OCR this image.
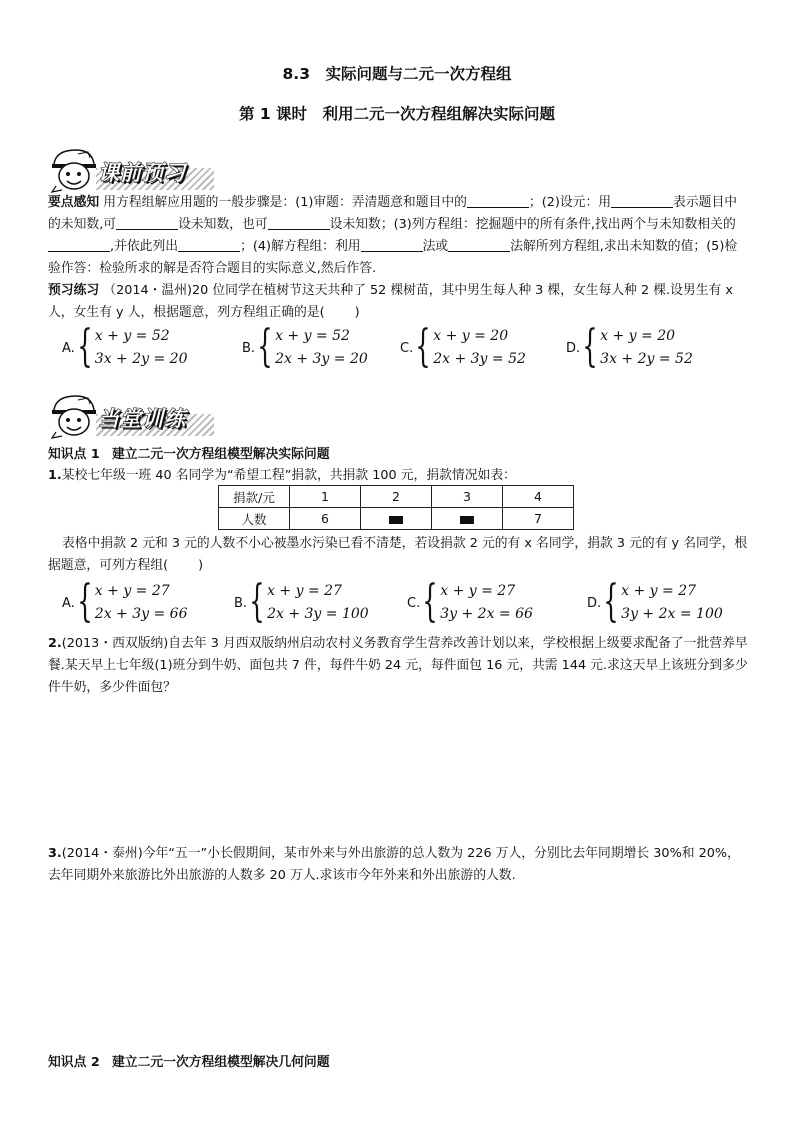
8.3　实际问题与二元一次方程组
第 1 课时　利用二元一次方程组解决实际问题
课前预习

要点感知 用方程组解应用题的一般步骤是：(1)审题：弄清题意和题目中的	；(2)设元：用	表示题目中的未知数,可	设未知数，也可	设未知数；(3)列方程组：挖掘题中的所有条件,找出两个与未知数相关的,并依此列出	；(4)解方程组：利用	法或	法解所列方程组,求出未知数的值；(5)检验作答：检验所求的解是否符合题目的实际意义,然后作答.

预习练习 （2014・温州)20 位同学在植树节这天共种了 52 棵树苗，其中男生每人种 3 棵，女生每人种 2 棵.设男生有 x 人，女生有 y 人，根据题意，列方程组正确的是( )

A. { x + y = 52
3x + 2y = 20
B. { x + y = 52
2x + 3y = 20
C. { x + y = 20
2x + 3y = 52
D. { x + y = 20
3x + 2y = 52
当堂训练
知识点 1 建立二元一次方程组模型解决实际问题
1.某校七年级一班 40 名同学为“希望工程”捐款，共捐款 100 元，捐款情况如表：
捐款/元	1	2	3	4
人数	6			7
表格中捐款 2 元和 3 元的人数不小心被墨水污染已看不清楚，若设捐款 2 元的有 x 名同学，捐款 3 元的有 y 名同学，根据题意，可列方程组( )
A. { x + y = 27
2x + 3y = 66
B. { x + y = 27
2x + 3y = 100
C. { x + y = 27
3y + 2x = 66
D. { x + y = 27
3y + 2x = 100
2.(2013・西双版纳)自去年 3 月西双版纳州启动农村义务教育学生营养改善计划以来，学校根据上级要求配备了一批营养早餐.某天早上七年级(1)班分到牛奶、面包共 7 件，每件牛奶 24 元，每件面包 16 元，共需 144 元.求这天早上该班分到多少件牛奶，多少件面包？
3.(2014・泰州)今年“五一”小长假期间，某市外来与外出旅游的总人数为 226 万人，分别比去年同期增长 30%和 20%，去年同期外来旅游比外出旅游的人数多 20 万人.求该市今年外来和外出旅游的人数.
知识点 2 建立二元一次方程组模型解决几何问题
